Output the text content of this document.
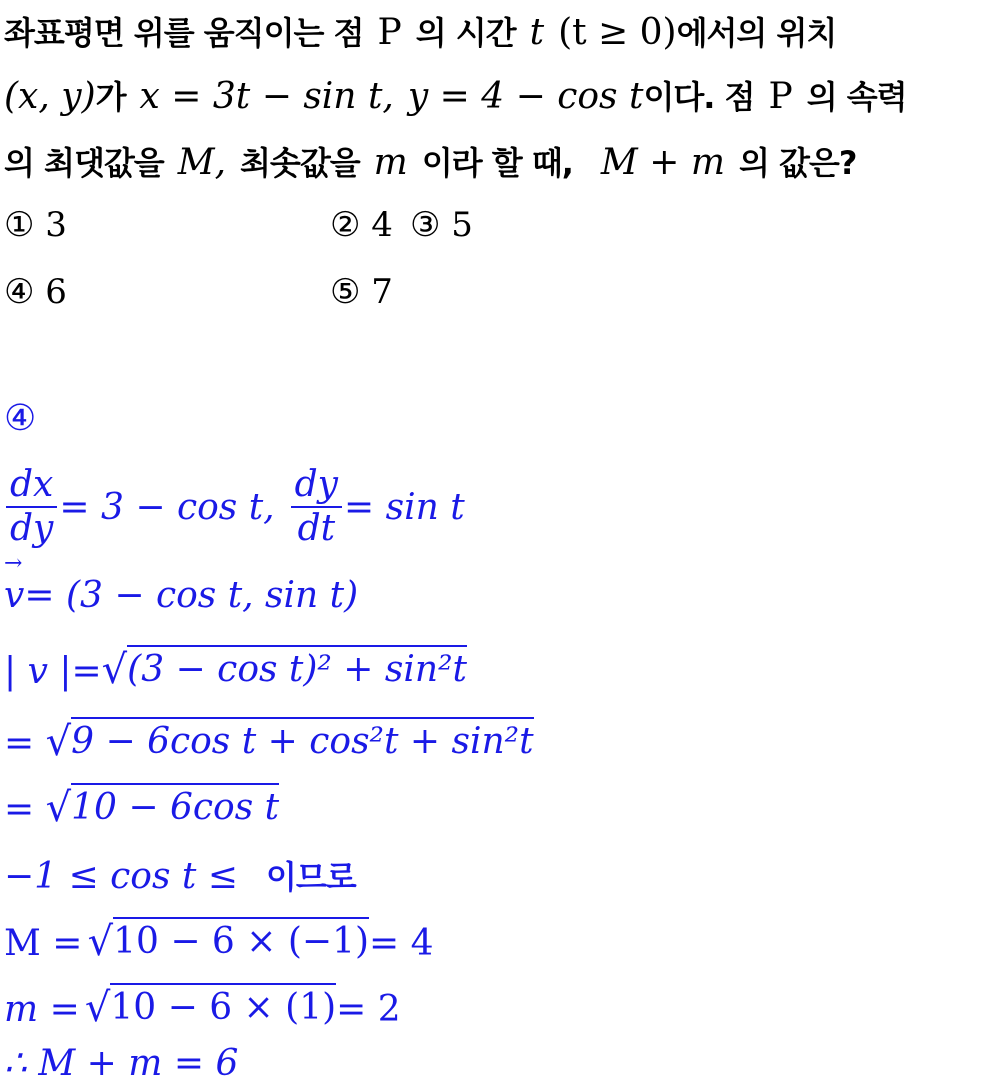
좌표평면 위를 움직이는 점 P 의 시간 t (t ≥ 0) 에서의 위치
(x, y) 가 x = 3t − sin t, y = 4 − cos t 이다. 점 P 의 속력
의 최댓값을 M, 최솟값을 m 이라 할 때, M + m 의 값은?
① 3	② 4 ③ 5
④ 6	⑤ 7
④
$\frac{dx}{dy} = 3 - \cos t$, $\frac{dy}{dt} = \sin t$
→ v = (3 − cos t, sin t)
| v |= √ (3 − cos t)² + sin²t
= √ 9 − 6cos t + cos²t + sin²t
= √ 10 − 6cos t
−1 ≤ cos t ≤ 이므로
M =
√ 10 − 6 × (−1) = 4
m =
√ 10 − 6 × (1) = 2
∴ M + m = 6
